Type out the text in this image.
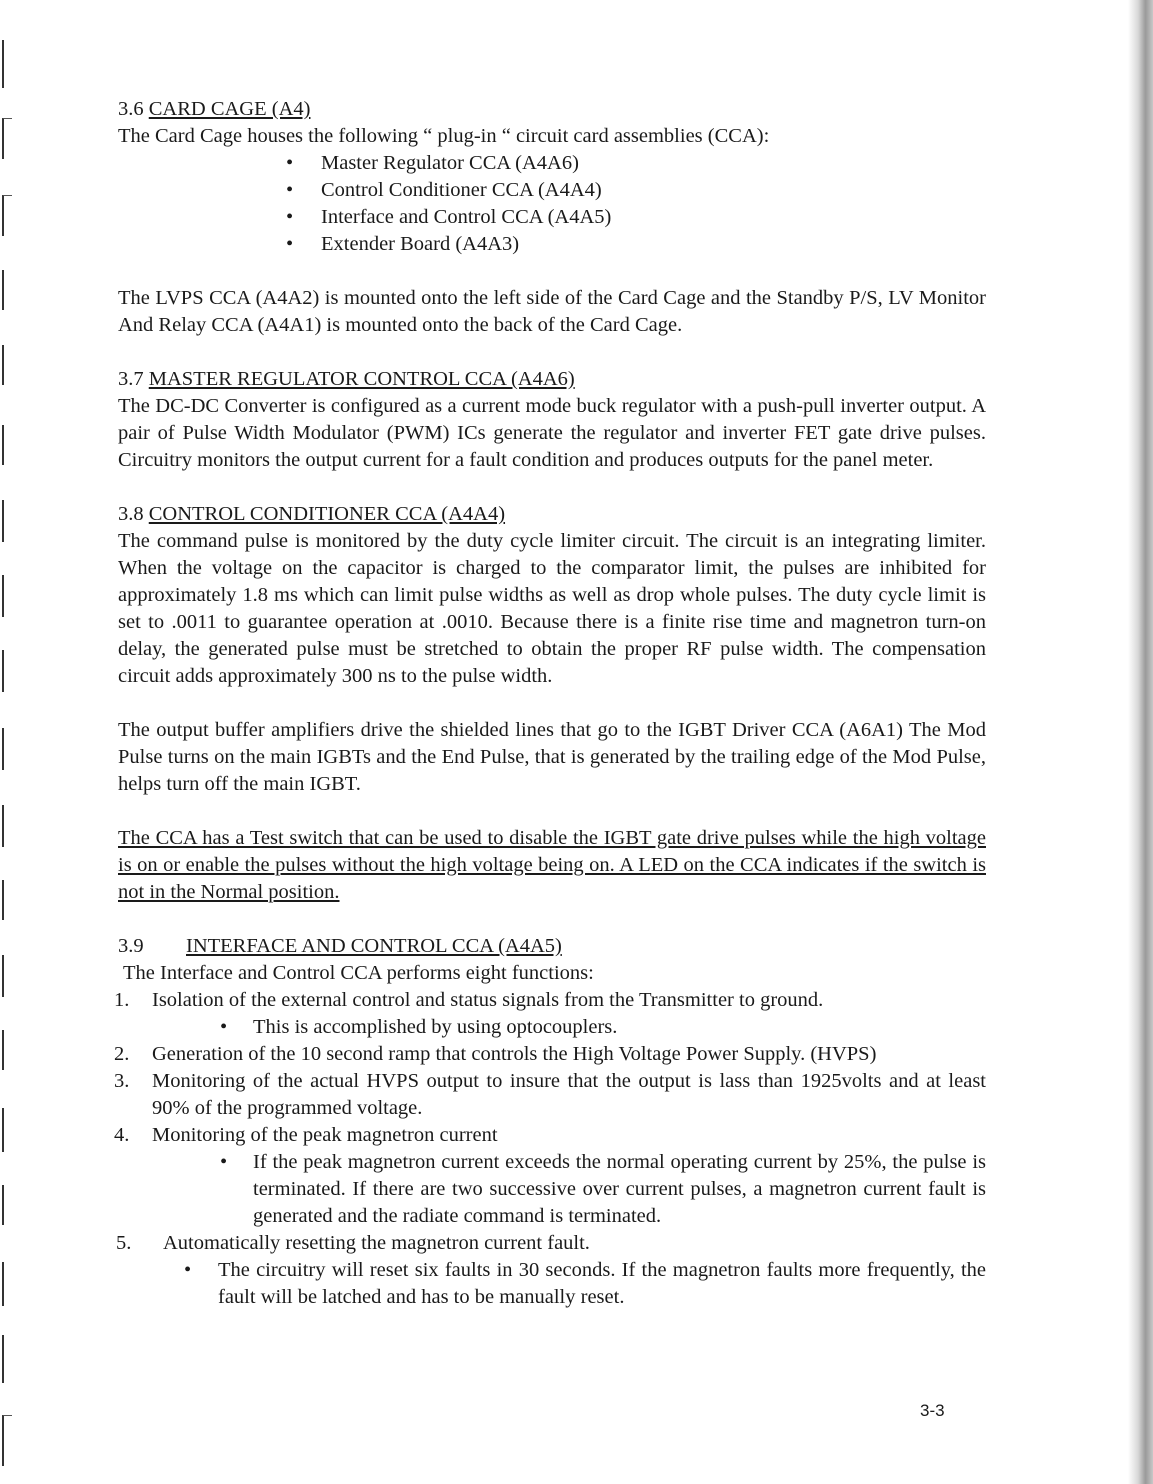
3.6 CARD CAGE (A4)

The Card Cage houses the following “ plug-in “ circuit card assemblies (CCA):

• Master Regulator CCA (A4A6)
• Control Conditioner CCA (A4A4)
• Interface and Control CCA (A4A5)
• Extender Board (A4A3)

The LVPS CCA (A4A2) is mounted onto the left side of the Card Cage and the Standby P/S, LV Monitor And Relay CCA (A4A1) is mounted onto the back of the Card Cage.

3.7 MASTER REGULATOR CONTROL CCA (A4A6)

The DC-DC Converter is configured as a current mode buck regulator with a push-pull inverter output. A pair of Pulse Width Modulator (PWM) ICs generate the regulator and inverter FET gate drive pulses. Circuitry monitors the output current for a fault condition and produces outputs for the panel meter.

3.8 CONTROL CONDITIONER CCA (A4A4)

The command pulse is monitored by the duty cycle limiter circuit. The circuit is an integrating limiter. When the voltage on the capacitor is charged to the comparator limit, the pulses are inhibited for approximately 1.8 ms which can limit pulse widths as well as drop whole pulses. The duty cycle limit is set to .0011 to guarantee operation at .0010. Because there is a finite rise time and magnetron turn-on delay, the generated pulse must be stretched to obtain the proper RF pulse width. The compensation circuit adds approximately 300 ns to the pulse width.

The output buffer amplifiers drive the shielded lines that go to the IGBT Driver CCA (A6A1) The Mod Pulse turns on the main IGBTs and the End Pulse, that is generated by the trailing edge of the Mod Pulse, helps turn off the main IGBT.

The CCA has a Test switch that can be used to disable the IGBT gate drive pulses while the high voltage is on or enable the pulses without the high voltage being on. A LED on the CCA indicates if the switch is not in the Normal position.

3.9 INTERFACE AND CONTROL CCA (A4A5)

The Interface and Control CCA performs eight functions:

1. Isolation of the external control and status signals from the Transmitter to ground.
• This is accomplished by using optocouplers.
2. Generation of the 10 second ramp that controls the High Voltage Power Supply. (HVPS)
3. Monitoring of the actual HVPS output to insure that the output is lass than 1925volts and at least 90% of the programmed voltage.
4. Monitoring of the peak magnetron current
• If the peak magnetron current exceeds the normal operating current by 25%, the pulse is terminated. If there are two successive over current pulses, a magnetron current fault is generated and the radiate command is terminated.
5. Automatically resetting the magnetron current fault.
• The circuitry will reset six faults in 30 seconds. If the magnetron faults more frequently, the fault will be latched and has to be manually reset.
3-3
